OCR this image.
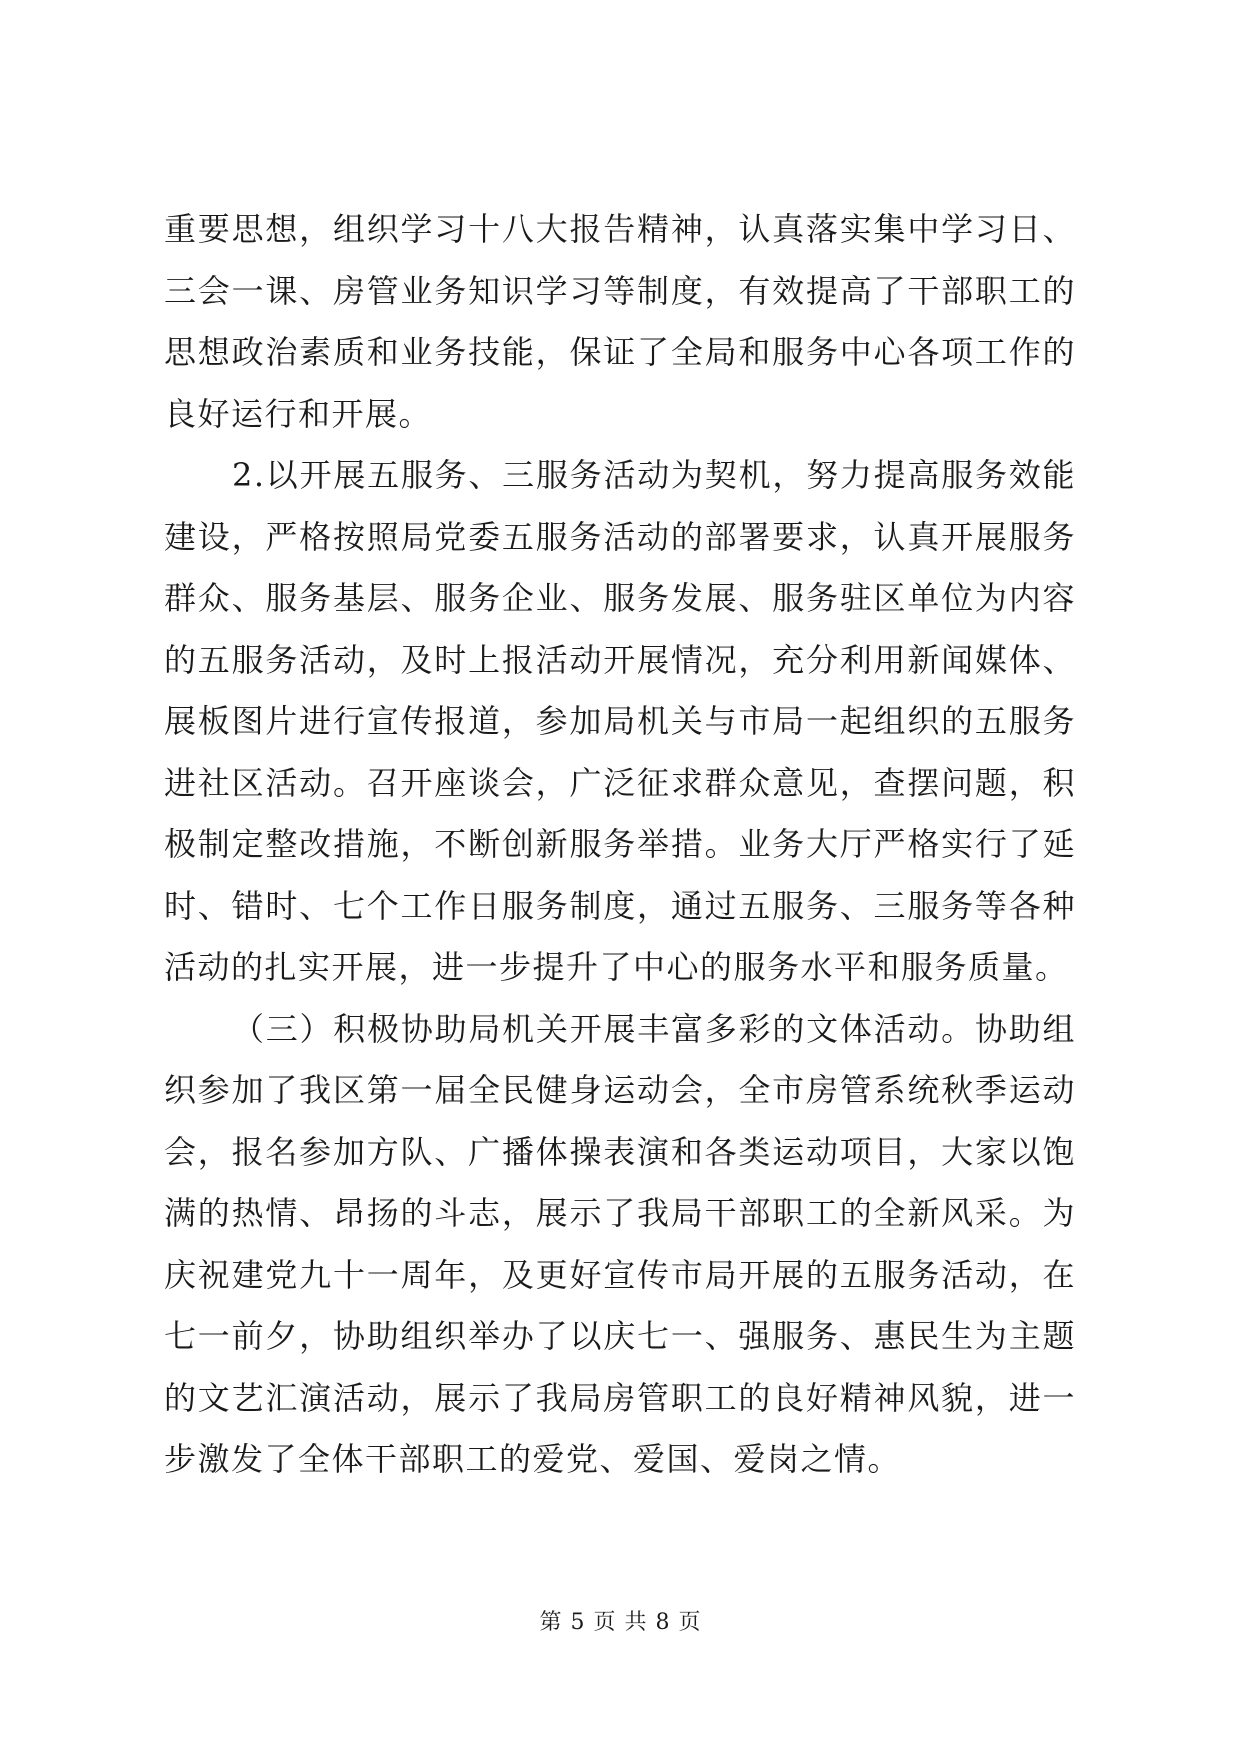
重要思想，组织学习十八大报告精神，认真落实集中学习日、三会一课、房管业务知识学习等制度，有效提高了干部职工的思想政治素质和业务技能，保证了全局和服务中心各项工作的良好运行和开展。

2.以开展五服务、三服务活动为契机，努力提高服务效能建设，严格按照局党委五服务活动的部署要求，认真开展服务群众、服务基层、服务企业、服务发展、服务驻区单位为内容的五服务活动，及时上报活动开展情况，充分利用新闻媒体、展板图片进行宣传报道，参加局机关与市局一起组织的五服务进社区活动。召开座谈会，广泛征求群众意见，查摆问题，积极制定整改措施，不断创新服务举措。业务大厅严格实行了延时、错时、七个工作日服务制度，通过五服务、三服务等各种活动的扎实开展，进一步提升了中心的服务水平和服务质量。

（三）积极协助局机关开展丰富多彩的文体活动。协助组织参加了我区第一届全民健身运动会，全市房管系统秋季运动会，报名参加方队、广播体操表演和各类运动项目，大家以饱满的热情、昂扬的斗志，展示了我局干部职工的全新风采。为庆祝建党九十一周年，及更好宣传市局开展的五服务活动，在七一前夕，协助组织举办了以庆七一、强服务、惠民生为主题的文艺汇演活动，展示了我局房管职工的良好精神风貌，进一步激发了全体干部职工的爱党、爱国、爱岗之情。

第 5 页 共 8 页
